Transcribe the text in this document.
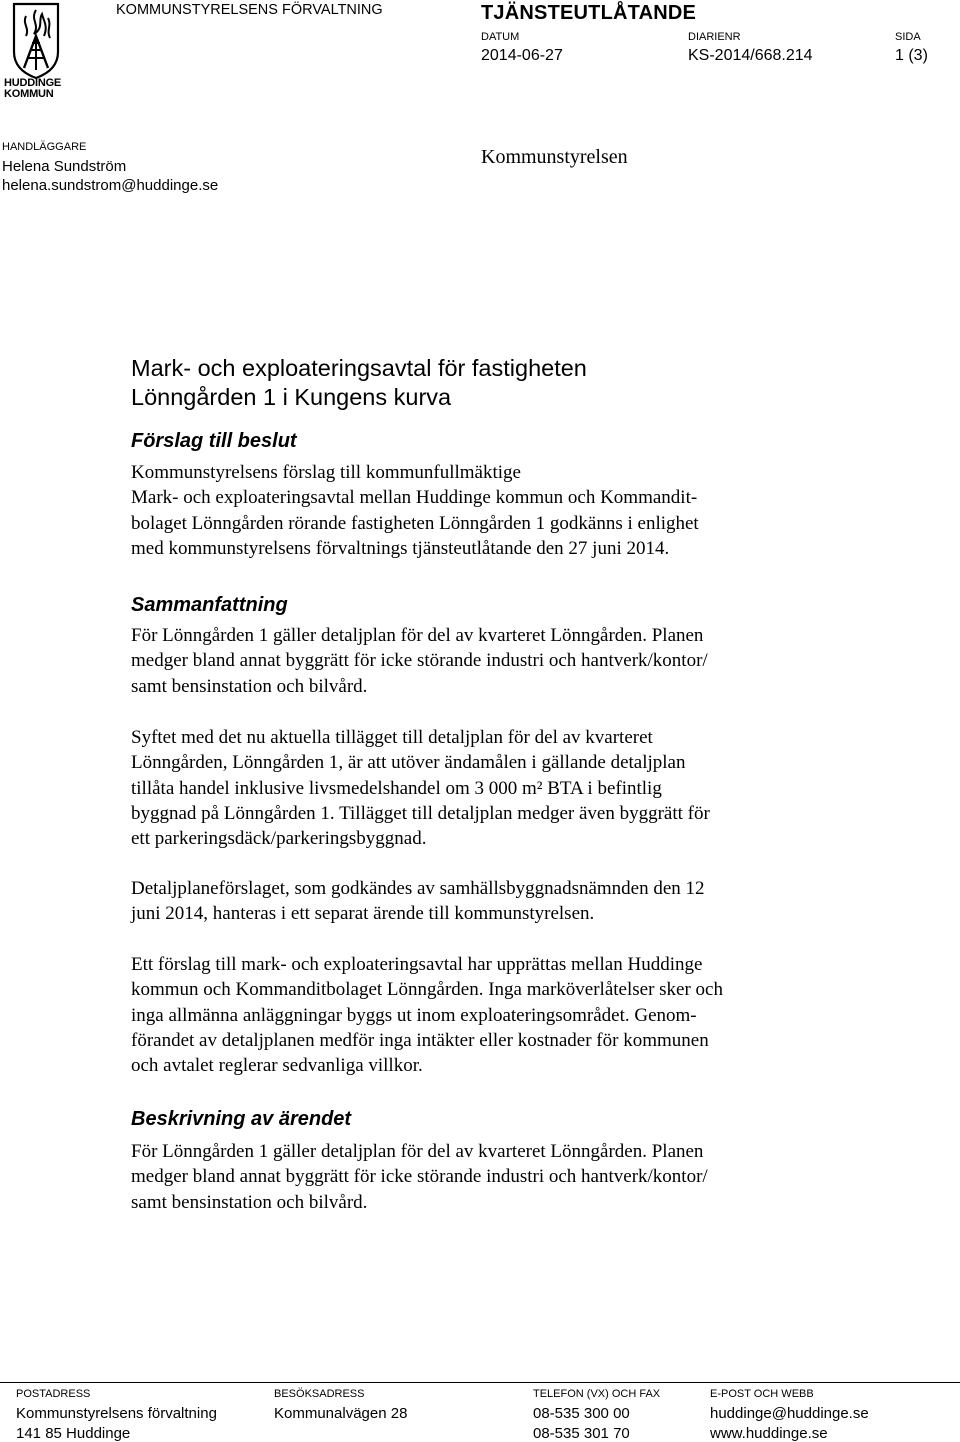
HUDDINGE
KOMMUN
KOMMUNSTYRELSENS FÖRVALTNING	TJÄNSTEUTLÅTANDE
DATUM
2014-06-27
DIARIENR
KS-2014/668.214
SIDA
1 (3)
HANDLÄGGARE
Helena Sundström
helena.sundstrom@huddinge.se
Kommunstyrelsen
Mark- och exploateringsavtal för fastigheten
Lönngården 1 i Kungens kurva
Förslag till beslut

Kommunstyrelsens förslag till kommunfullmäktige
Mark- och exploateringsavtal mellan Huddinge kommun och Kommandit-
bolaget Lönngården rörande fastigheten Lönngården 1 godkänns i enlighet
med kommunstyrelsens förvaltnings tjänsteutlåtande den 27 juni 2014.

Sammanfattning

För Lönngården 1 gäller detaljplan för del av kvarteret Lönngården. Planen
medger bland annat byggrätt för icke störande industri och hantverk/kontor/
samt bensinstation och bilvård.

Syftet med det nu aktuella tillägget till detaljplan för del av kvarteret
Lönngården, Lönngården 1, är att utöver ändamålen i gällande detaljplan
tillåta handel inklusive livsmedelshandel om 3 000 m² BTA i befintlig
byggnad på Lönngården 1. Tillägget till detaljplan medger även byggrätt för
ett parkeringsdäck/parkeringsbyggnad.

Detaljplaneförslaget, som godkändes av samhällsbyggnadsnämnden den 12
juni 2014, hanteras i ett separat ärende till kommunstyrelsen.

Ett förslag till mark- och exploateringsavtal har upprättas mellan Huddinge
kommun och Kommanditbolaget Lönngården. Inga marköverlåtelser sker och
inga allmänna anläggningar byggs ut inom exploateringsområdet. Genom-
förandet av detaljplanen medför inga intäkter eller kostnader för kommunen
och avtalet reglerar sedvanliga villkor.

Beskrivning av ärendet

För Lönngården 1 gäller detaljplan för del av kvarteret Lönngården. Planen
medger bland annat byggrätt för icke störande industri och hantverk/kontor/
samt bensinstation och bilvård.

POSTADRESS
Kommunstyrelsens förvaltning
141 85 Huddinge
BESÖKSADRESS
Kommunalvägen 28
TELEFON (VX) OCH FAX
08-535 300 00
08-535 301 70
E-POST OCH WEBB
huddinge@huddinge.se
www.huddinge.se
